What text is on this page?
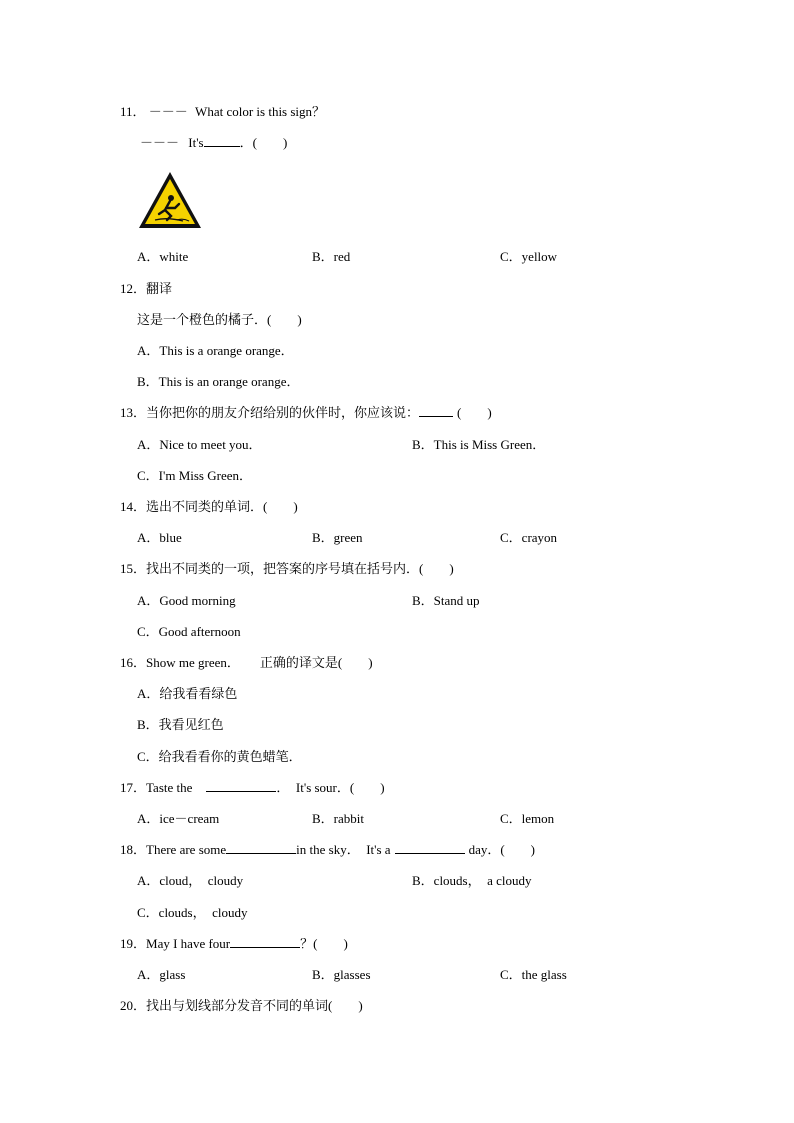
11． －－－ What color is this sign？
－－－ It's	．(　　)
A．white	B．red	C．yellow
12．翻译
这是一个橙色的橘子．(　　)
A．This is a orange orange．
B．This is an orange orange．
13．当你把你的朋友介绍给别的伙伴时，你应该说：	(　　)
A．Nice to meet you．	B．This is Miss Green．
C．I'm Miss Green．
14．选出不同类的单词．(　　)
A．blue	B．green	C．crayon
15．找出不同类的一项，把答案的序号填在括号内．(　　)
A．Good morning	B．Stand up
C．Good afternoon
16．Show me green． 正确的译文是(　　)
A．给我看看绿色
B．我看见红色
C．给我看看你的黄色蜡笔．
17．Taste the	．　It's sour．(　　)
A．ice－cream	B．rabbit	C．lemon
18．There are some	in the sky．　It's a	day．(　　)
A．cloud，　cloudy	B．clouds，　a cloudy
C．clouds，　cloudy
19．May I have four	？(　　)
A．glass	B．glasses	C．the glass
20．找出与划线部分发音不同的单词(　　)
